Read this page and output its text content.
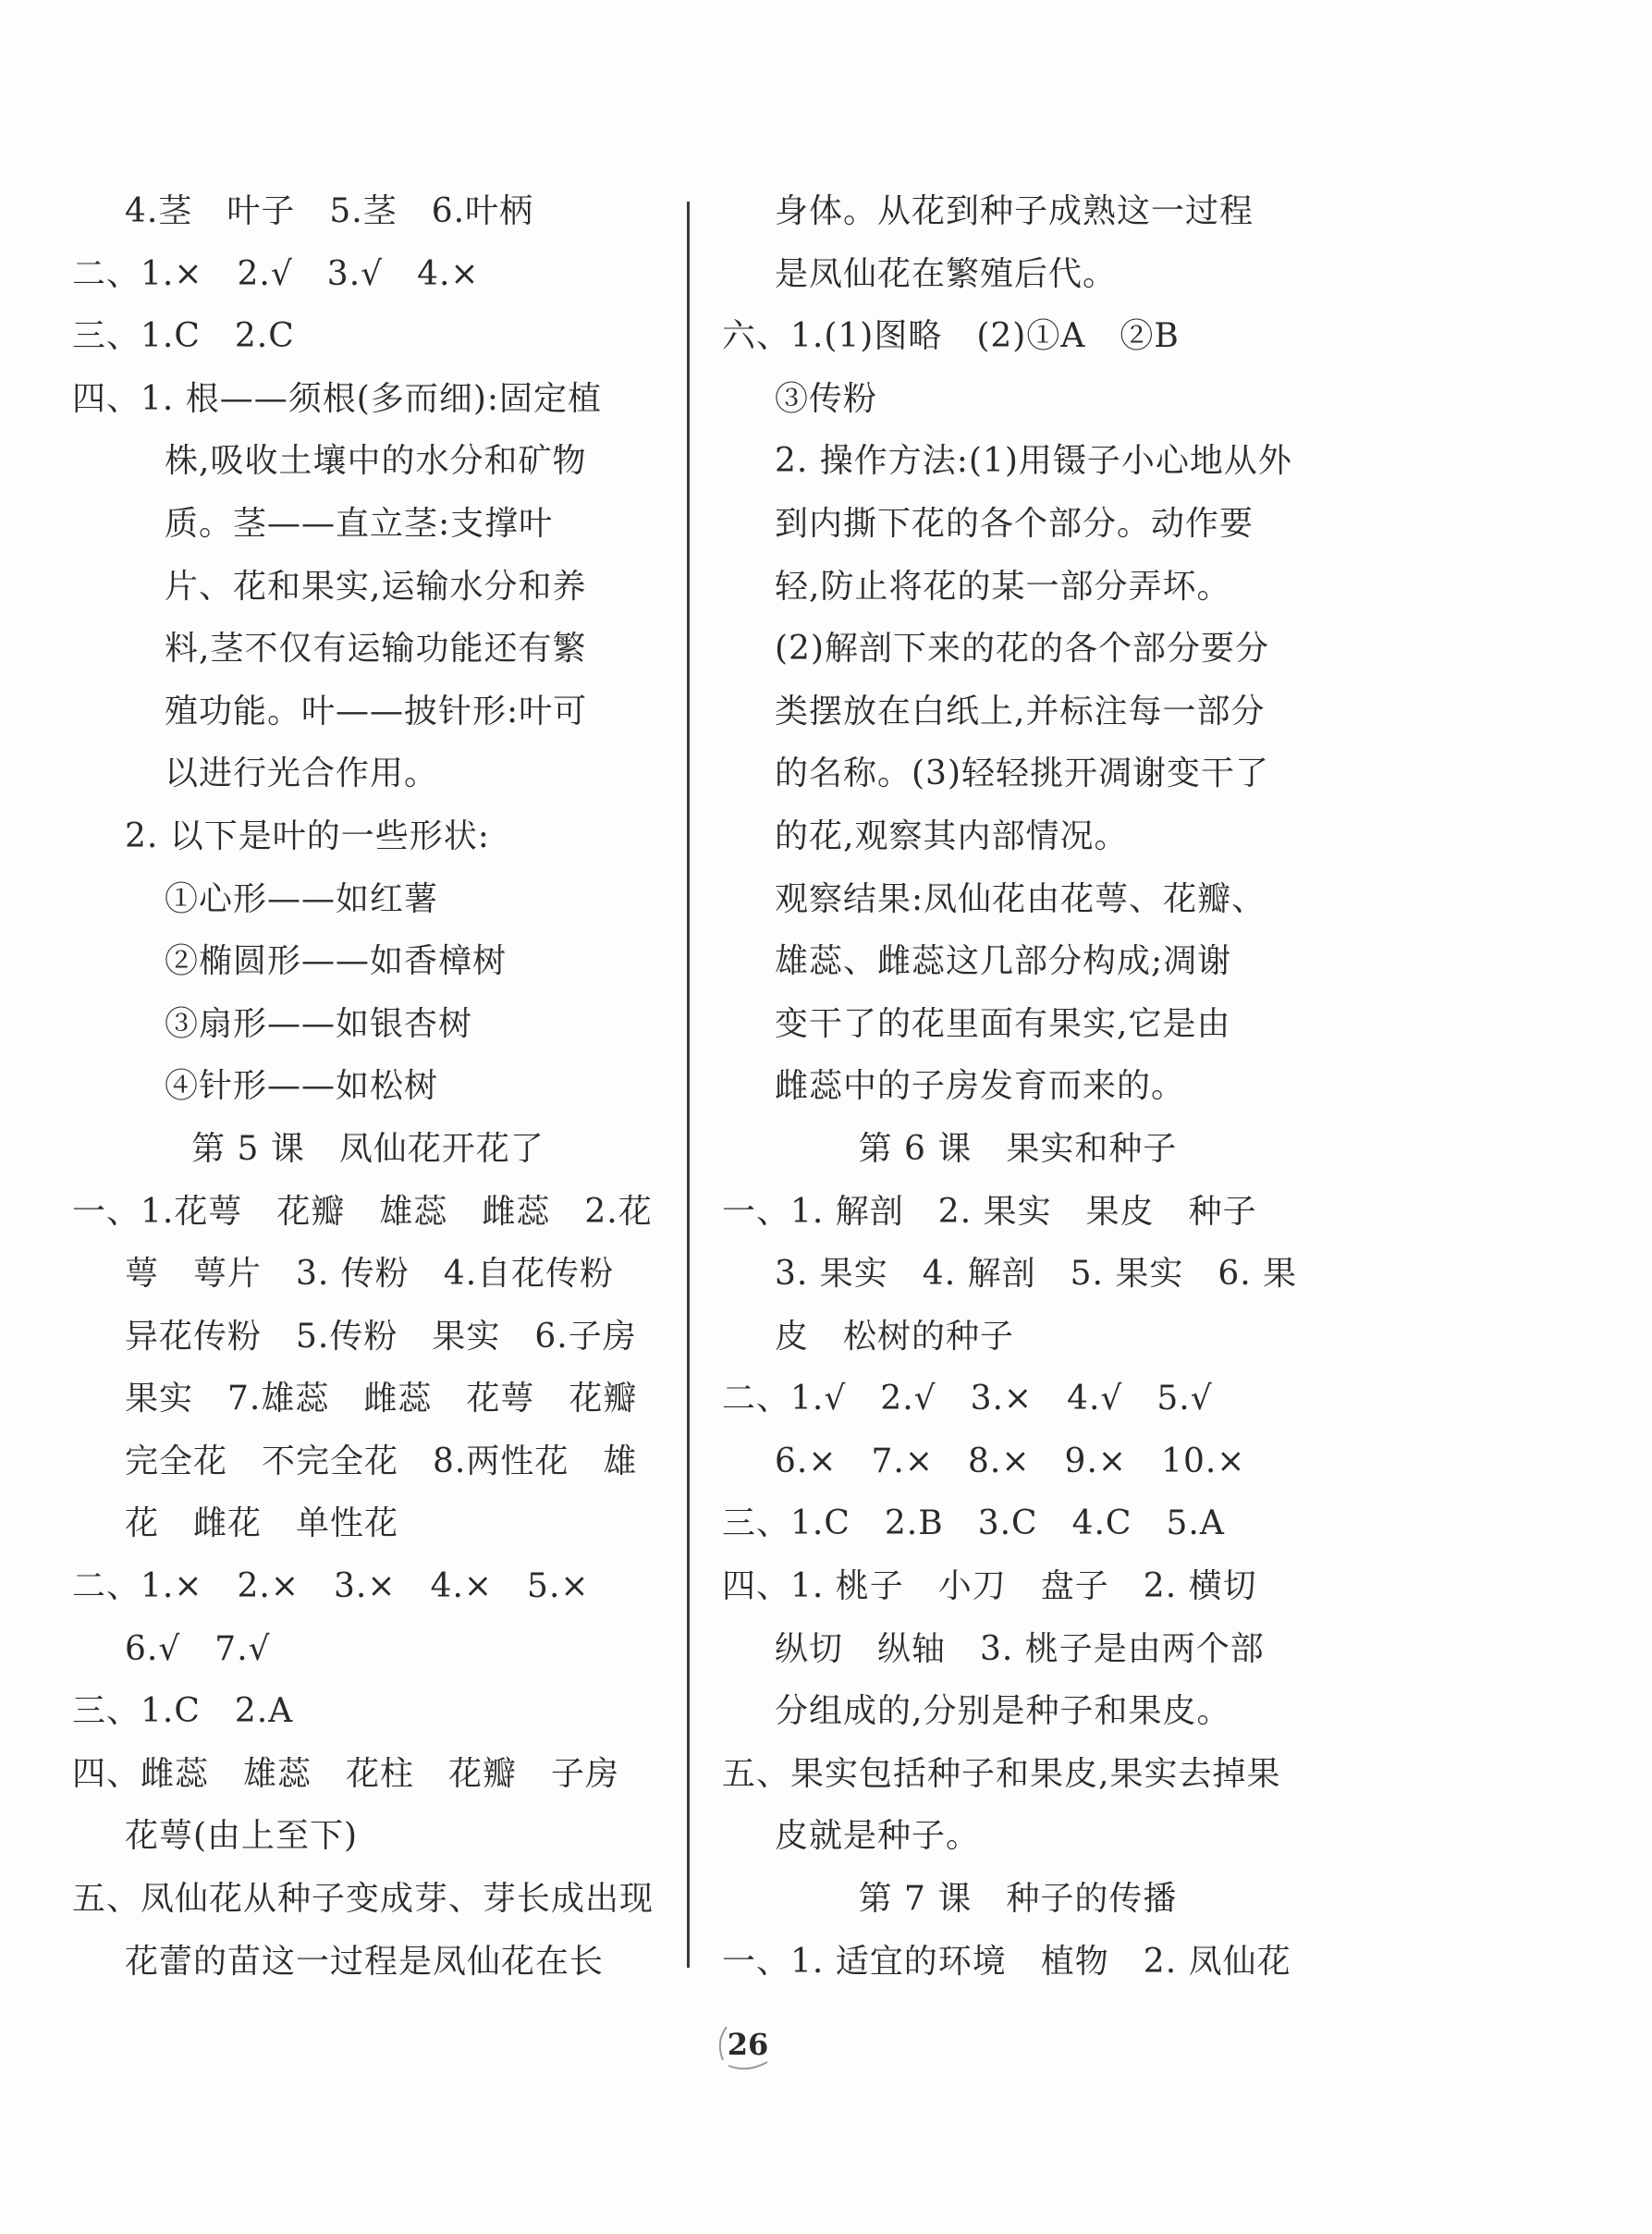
4.茎　叶子　5.茎　6.叶柄
二、1.×　2.√　3.√　4.×
三、1.C　2.C
四、1. 根——须根(多而细):固定植
株,吸收土壤中的水分和矿物
质。茎——直立茎:支撑叶
片、花和果实,运输水分和养
料,茎不仅有运输功能还有繁
殖功能。叶——披针形:叶可
以进行光合作用。
2. 以下是叶的一些形状:
①心形——如红薯
②椭圆形——如香樟树
③扇形——如银杏树
④针形——如松树
第 5 课　凤仙花开花了
一、1.花萼　花瓣　雄蕊　雌蕊　2.花
萼　萼片　3. 传粉　4.自花传粉
异花传粉　5.传粉　果实　6.子房
果实　7.雄蕊　雌蕊　花萼　花瓣
完全花　不完全花　8.两性花　雄
花　雌花　单性花
二、1.×　2.×　3.×　4.×　5.×
6.√　7.√
三、1.C　2.A
四、雌蕊　雄蕊　花柱　花瓣　子房
花萼(由上至下)
五、凤仙花从种子变成芽、芽长成出现
花蕾的苗这一过程是凤仙花在长
身体。从花到种子成熟这一过程
是凤仙花在繁殖后代。
六、1.(1)图略　(2)①A　②B
③传粉
2. 操作方法:(1)用镊子小心地从外
到内撕下花的各个部分。动作要
轻,防止将花的某一部分弄坏。
(2)解剖下来的花的各个部分要分
类摆放在白纸上,并标注每一部分
的名称。(3)轻轻挑开凋谢变干了
的花,观察其内部情况。
观察结果:凤仙花由花萼、花瓣、
雄蕊、雌蕊这几部分构成;凋谢
变干了的花里面有果实,它是由
雌蕊中的子房发育而来的。
第 6 课　果实和种子
一、1. 解剖　2. 果实　果皮　种子
3. 果实　4. 解剖　5. 果实　6. 果
皮　松树的种子
二、1.√　2.√　3.×　4.√　5.√
6.×　7.×　8.×　9.×　10.×
三、1.C　2.B　3.C　4.C　5.A
四、1. 桃子　小刀　盘子　2. 横切
纵切　纵轴　3. 桃子是由两个部
分组成的,分别是种子和果皮。
五、果实包括种子和果皮,果实去掉果
皮就是种子。
第 7 课　种子的传播
一、1. 适宜的环境　植物　2. 凤仙花
26
